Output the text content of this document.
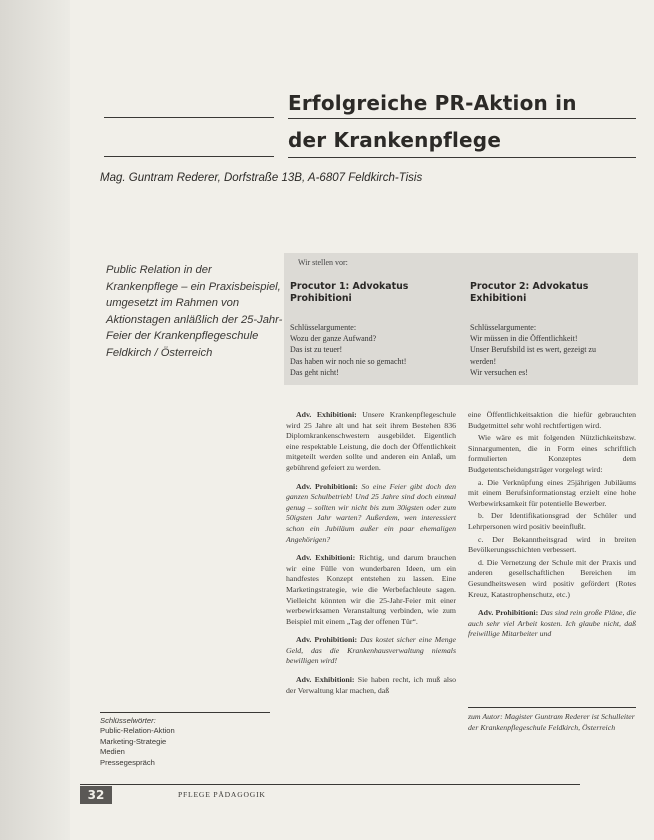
Erfolgreiche PR-Aktion in
der Krankenpflege
Mag. Guntram Rederer, Dorfstraße 13B, A-6807 Feldkirch-Tisis
Public Relation in der Krankenpflege – ein Praxisbeispiel, umgesetzt im Rahmen von Aktionstagen anläßlich der 25-Jahr-Feier der Krankenpflegeschule Feldkirch / Österreich
Wir stellen vor:
Procutor 1: Advokatus Prohibitioni
Procutor 2: Advokatus Exhibitioni
Schlüsselargumente:
Wozu der ganze Aufwand?
Das ist zu teuer!
Das haben wir noch nie so gemacht!
Das geht nicht!
Schlüsselargumente:
Wir müssen in die Öffentlichkeit!
Unser Berufsbild ist es wert, gezeigt zu
werden!
Wir versuchen es!

Adv. Exhibitioni: Unsere Krankenpflegeschule wird 25 Jahre alt und hat seit ihrem Bestehen 836 Diplomkrankenschwestern ausgebildet. Eigentlich eine respektable Leistung, die doch der Öffentlichkeit mitgeteilt werden sollte und anderen ein Anlaß, um gebührend gefeiert zu werden.

Adv. Prohibitioni: So eine Feier gibt doch den ganzen Schulbetrieb! Und 25 Jahre sind doch einmal genug – sollten wir nicht bis zum 30igsten oder zum 50igsten Jahr warten? Außerdem, wen interessiert schon ein Jubiläum außer ein paar ehemaligen Angehörigen?

Adv. Exhibitioni: Richtig, und darum brauchen wir eine Fülle von wunderbaren Ideen, um ein handfestes Konzept entstehen zu lassen. Eine Marketingstrategie, wie die Werbefachleute sagen. Vielleicht könnten wir die 25-Jahr-Feier mit einer werbewirksamen Veranstaltung verbinden, wie zum Beispiel mit einem „Tag der offenen Tür“.

Adv. Prohibitioni: Das kostet sicher eine Menge Geld, das die Krankenhausverwaltung niemals bewilligen wird!

Adv. Exhibitioni: Sie haben recht, ich muß also der Verwaltung klar machen, daß

eine Öffentlichkeitsaktion die hiefür gebrauchten Budgetmittel sehr wohl rechtfertigen wird.

Wie wäre es mit folgenden Nützlichkeitsbzw. Sinnargumenten, die in Form eines schriftlich formulierten Konzeptes dem Budgetentscheidungsträger vorgelegt wird:

a. Die Verknüpfung eines 25jährigen Jubiläums mit einem Berufsinformationstag erzielt eine hohe Werbewirksamkeit für potentielle Bewerber.

b. Der Identifikationsgrad der Schüler und Lehrpersonen wird positiv beeinflußt.

c. Der Bekanntheitsgrad wird in breiten Bevölkerungsschichten verbessert.

d. Die Vernetzung der Schule mit der Praxis und anderen gesellschaftlichen Bereichen im Gesundheitswesen wird positiv gefördert (Rotes Kreuz, Katastrophenschutz, etc.)

Adv. Prohibitioni: Das sind rein große Pläne, die auch sehr viel Arbeit kosten. Ich glaube nicht, daß freiwillige Mitarbeiter und

zum Autor: Magister Guntram Rederer ist Schulleiter der Krankenpflegeschule Feldkirch, Österreich
Schlüsselwörter:
Public-Relation-Aktion
Marketing-Strategie
Medien
Pressegespräch
32	PFLEGE PÄDAGOGIK
